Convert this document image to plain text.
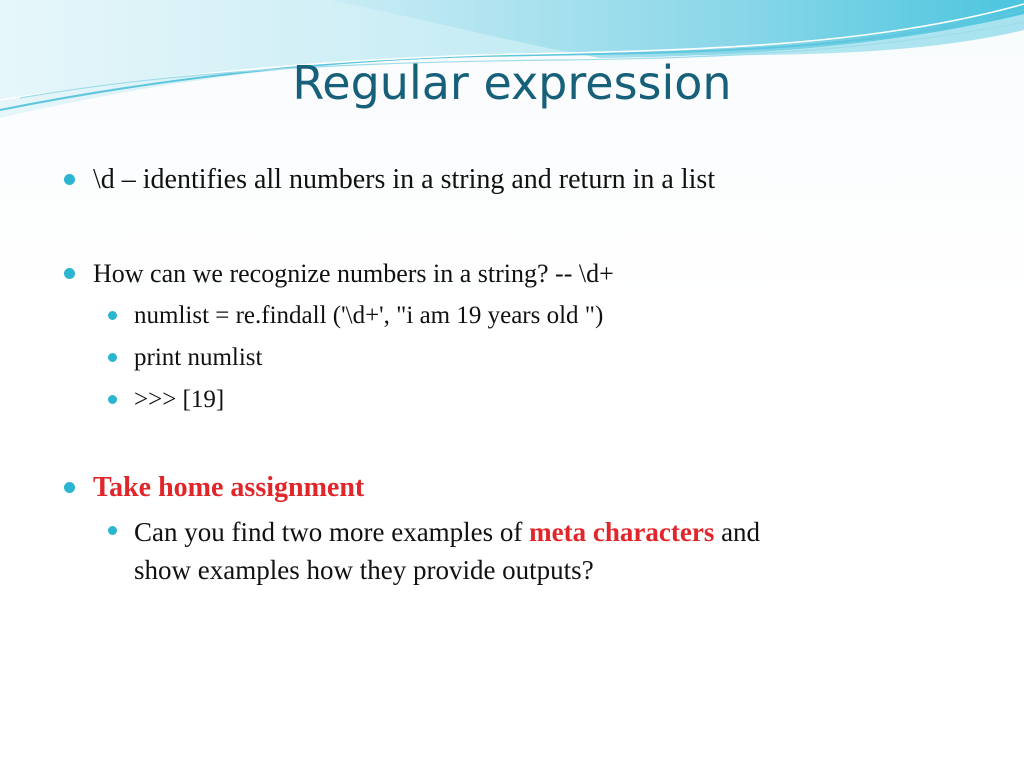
Regular expression
\d – identifies all numbers in a string and return in a list
How can we recognize numbers in a string? -- \d+
numlist = re.findall ('\d+', "i am 19 years old ")
print numlist
>>> [19]
Take home assignment
Can you find two more examples of meta characters and
show examples how they provide outputs?
